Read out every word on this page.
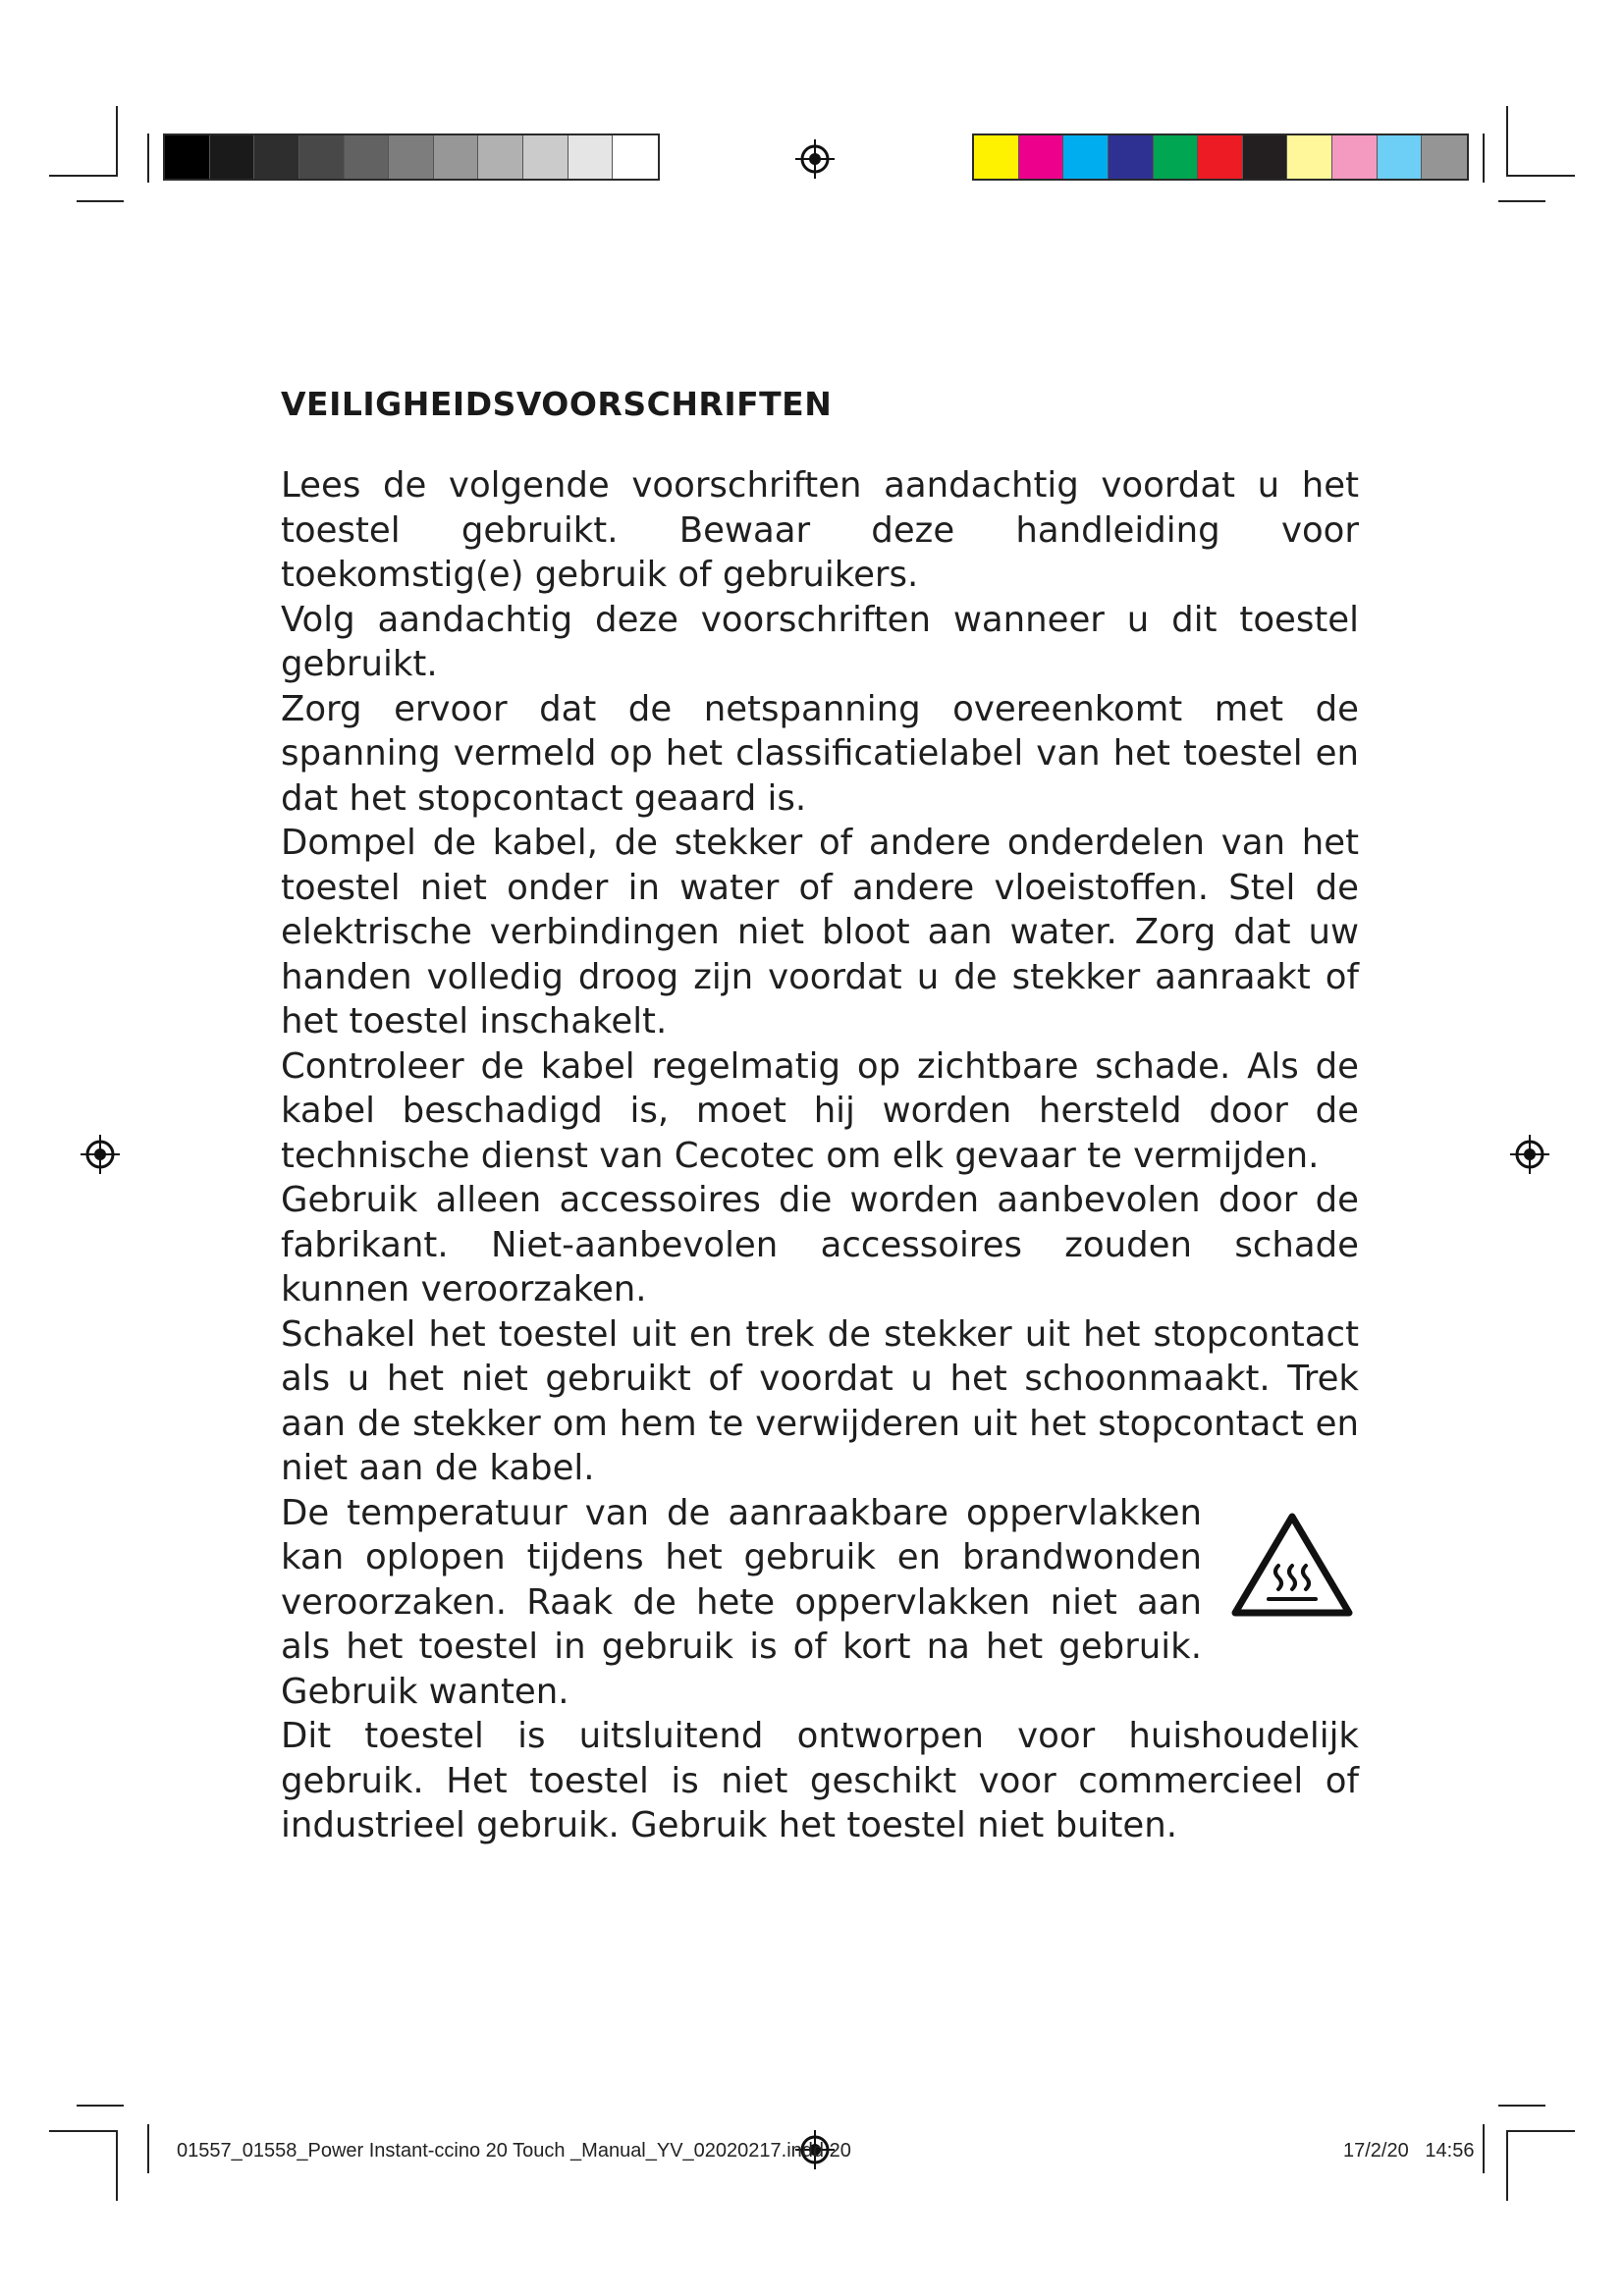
VEILIGHEIDSVOORSCHRIFTEN

Lees de volgende voorschriften aandachtig voordat u het toestel gebruikt. Bewaar deze handleiding voor toekomstig(e) gebruik of gebruikers.

Volg aandachtig deze voorschriften wanneer u dit toestel gebruikt.

Zorg ervoor dat de netspanning overeenkomt met de spanning vermeld op het classificatielabel van het toestel en dat het stopcontact geaard is.

Dompel de kabel, de stekker of andere onderdelen van het toestel niet onder in water of andere vloeistoffen. Stel de elektrische verbindingen niet bloot aan water. Zorg dat uw handen volledig droog zijn voordat u de stekker aanraakt of het toestel inschakelt.

Controleer de kabel regelmatig op zichtbare schade. Als de kabel beschadigd is, moet hij worden hersteld door de technische dienst van Cecotec om elk gevaar te vermijden.

Gebruik alleen accessoires die worden aanbevolen door de fabrikant. Niet-aanbevolen accessoires zouden schade kunnen veroorzaken.

Schakel het toestel uit en trek de stekker uit het stopcontact als u het niet gebruikt of voordat u het schoonmaakt. Trek aan de stekker om hem te verwijderen uit het stopcontact en niet aan de kabel.

De temperatuur van de aanraakbare oppervlakken kan oplopen tijdens het gebruik en brandwonden veroorzaken. Raak de hete oppervlakken niet aan als het toestel in gebruik is of kort na het gebruik. Gebruik wanten.

Dit toestel is uitsluitend ontworpen voor huishoudelijk gebruik. Het toestel is niet geschikt voor commercieel of industrieel gebruik. Gebruik het toestel niet buiten.

01557_01558_Power Instant-ccino 20 Touch _Manual_YV_02020217.indd 20	17/2/20 14:56
